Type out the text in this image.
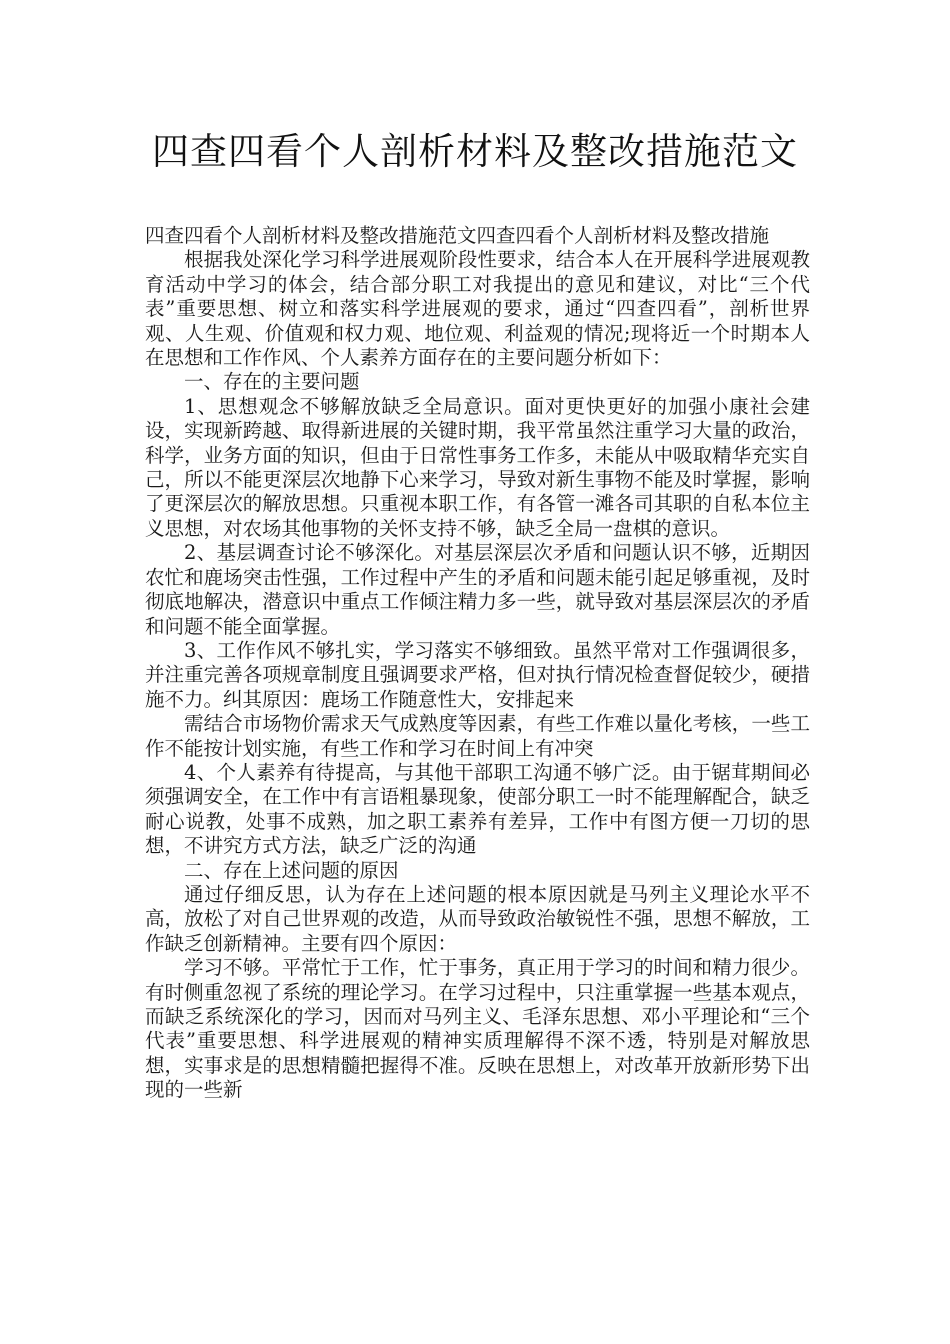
四查四看个人剖析材料及整改措施范文

四查四看个人剖析材料及整改措施范文四查四看个人剖析材料及整改措施

根据我处深化学习科学进展观阶段性要求，结合本人在开展科学进展观教育活动中学习的体会，结合部分职工对我提出的意见和建议，对比“三个代表”重要思想、树立和落实科学进展观的要求，通过“四查四看”，剖析世界观、人生观、价值观和权力观、地位观、利益观的情况;现将近一个时期本人在思想和工作作风、个人素养方面存在的主要问题分析如下：

一、存在的主要问题

1、思想观念不够解放缺乏全局意识。面对更快更好的加强小康社会建设，实现新跨越、取得新进展的关键时期，我平常虽然注重学习大量的政治，科学，业务方面的知识，但由于日常性事务工作多，未能从中吸取精华充实自己，所以不能更深层次地静下心来学习，导致对新生事物不能及时掌握，影响了更深层次的解放思想。只重视本职工作，有各管一滩各司其职的自私本位主义思想，对农场其他事物的关怀支持不够，缺乏全局一盘棋的意识。

2、基层调查讨论不够深化。对基层深层次矛盾和问题认识不够，近期因农忙和鹿场突击性强，工作过程中产生的矛盾和问题未能引起足够重视，及时彻底地解决，潜意识中重点工作倾注精力多一些，就导致对基层深层次的矛盾和问题不能全面掌握。

3、工作作风不够扎实，学习落实不够细致。虽然平常对工作强调很多，并注重完善各项规章制度且强调要求严格，但对执行情况检查督促较少，硬措施不力。纠其原因：鹿场工作随意性大，安排起来

需结合市场物价需求天气成熟度等因素，有些工作难以量化考核，一些工作不能按计划实施，有些工作和学习在时间上有冲突

4、个人素养有待提高，与其他干部职工沟通不够广泛。由于锯茸期间必须强调安全，在工作中有言语粗暴现象，使部分职工一时不能理解配合，缺乏耐心说教，处事不成熟，加之职工素养有差异，工作中有图方便一刀切的思想，不讲究方式方法，缺乏广泛的沟通

二、存在上述问题的原因

通过仔细反思，认为存在上述问题的根本原因就是马列主义理论水平不高，放松了对自己世界观的改造，从而导致政治敏锐性不强，思想不解放，工作缺乏创新精神。主要有四个原因：

学习不够。平常忙于工作，忙于事务，真正用于学习的时间和精力很少。有时侧重忽视了系统的理论学习。在学习过程中，只注重掌握一些基本观点，而缺乏系统深化的学习，因而对马列主义、毛泽东思想、邓小平理论和“三个代表”重要思想、科学进展观的精神实质理解得不深不透，特别是对解放思想，实事求是的思想精髓把握得不准。反映在思想上，对改革开放新形势下出现的一些新
